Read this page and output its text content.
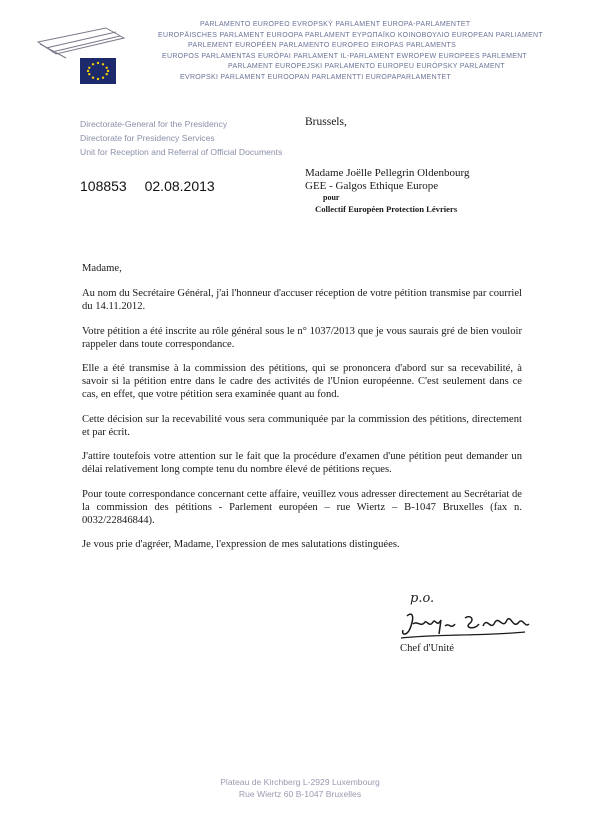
PARLAMENTO EUROPEO EVROPSKÝ PARLAMENT EUROPA-PARLAMENTET
EUROPÄISCHES PARLAMENT EUROOPA PARLAMENT ΕΥΡΩΠΑΪΚΟ ΚΟΙΝΟΒΟΥΛΙΟ EUROPEAN PARLIAMENT
PARLEMENT EUROPÉEN PARLAMENTO EUROPEO EIROPAS PARLAMENTS
EUROPOS PARLAMENTAS EURÓPAI PARLAMENT IL-PARLAMENT EWROPEW EUROPEES PARLEMENT
PARLAMENT EUROPEJSKI PARLAMENTO EUROPEU EURÓPSKY PARLAMENT
EVROPSKI PARLAMENT EUROOPAN PARLAMENTTI EUROPAPARLAMENTET
Directorate-General for the Presidency
Directorate for Presidency Services
Unit for Reception and Referral of Official Documents
Brussels,
108853 02.08.2013
Madame Joëlle Pellegrin Oldenbourg
GEE - Galgos Ethique Europe
pour
Collectif Européen Protection Lévriers

Madame,

Au nom du Secrétaire Général, j'ai l'honneur d'accuser réception de votre pétition transmise par courriel du 14.11.2012.

Votre pétition a été inscrite au rôle général sous le n° 1037/2013 que je vous saurais gré de bien vouloir rappeler dans toute correspondance.

Elle a été transmise à la commission des pétitions, qui se prononcera d'abord sur sa recevabilité, à savoir si la pétition entre dans le cadre des activités de l'Union européenne. C'est seulement dans ce cas, en effet, que votre pétition sera examinée quant au fond.

Cette décision sur la recevabilité vous sera communiquée par la commission des pétitions, directement et par écrit.

J'attire toutefois votre attention sur le fait que la procédure d'examen d'une pétition peut demander un délai relativement long compte tenu du nombre élevé de pétitions reçues.

Pour toute correspondance concernant cette affaire, veuillez vous adresser directement au Secrétariat de la commission des pétitions - Parlement européen – rue Wiertz – B-1047 Bruxelles (fax n. 0032/22846844).

Je vous prie d'agréer, Madame, l'expression de mes salutations distinguées.

p.o.
Chef d'Unité
Plateau de Kirchberg L-2929 Luxembourg
Rue Wiertz 60 B-1047 Bruxelles
